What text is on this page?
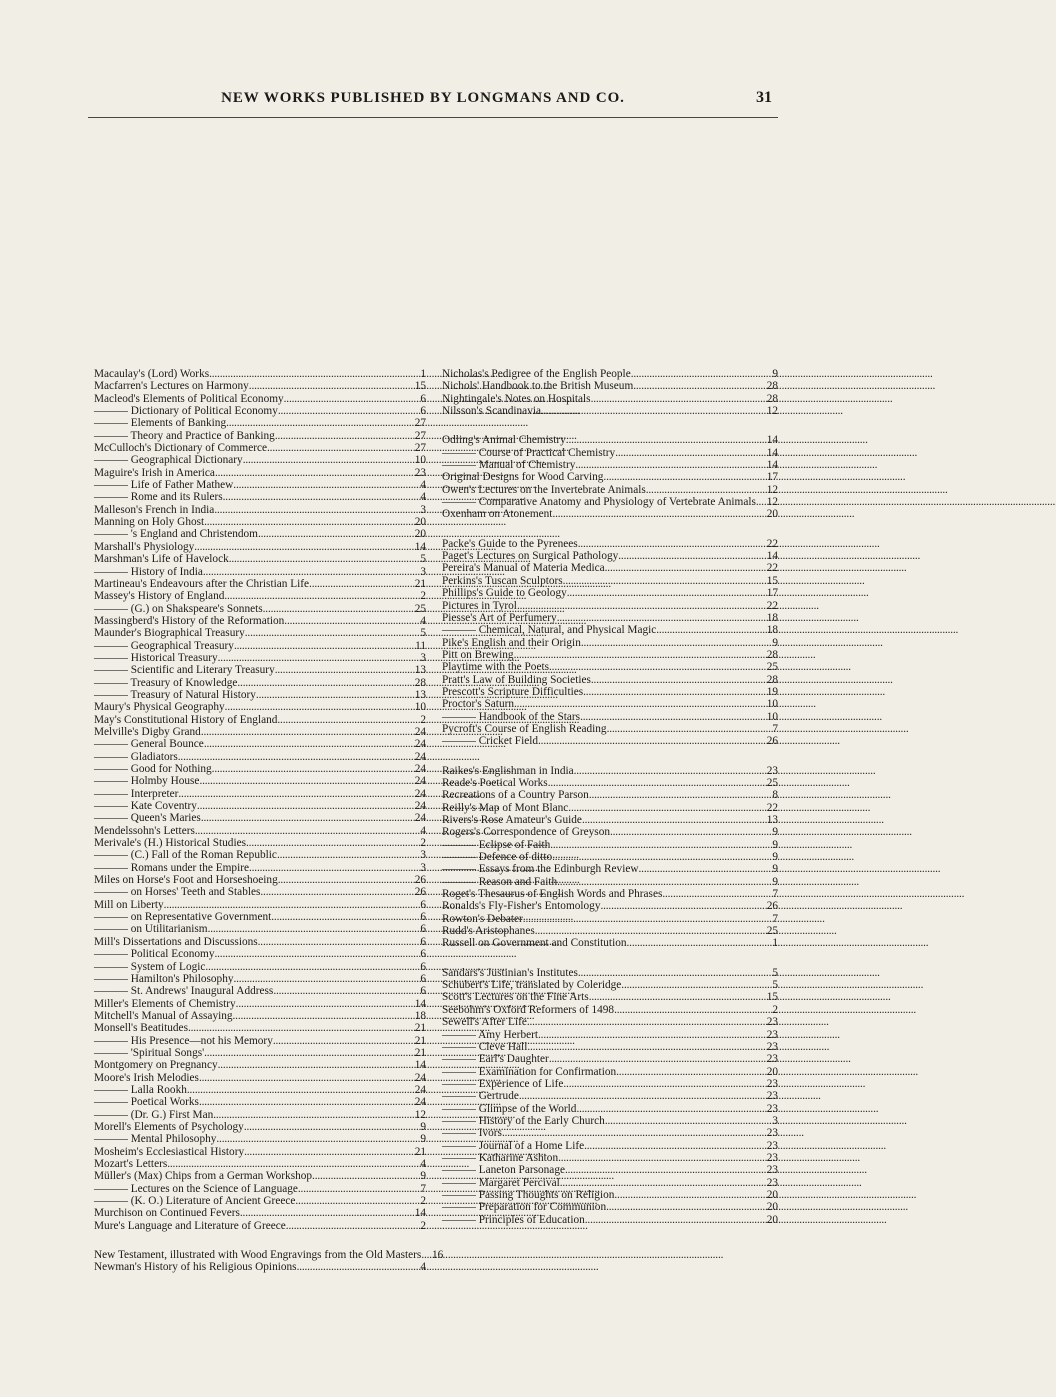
NEW WORKS PUBLISHED BY LONGMANS AND CO.	31
Macaulay's (Lord) Works . . .	1
Macfarren's Lectures on Harmony . . .	15
Macleod's Elements of Political Economy . . .	6
——— Dictionary of Political Economy . . .	6
——— Elements of Banking . . .	27
——— Theory and Practice of Banking . . .	27
McCulloch's Dictionary of Commerce . . .	27
——— Geographical Dictionary . . .	10
Maguire's Irish in America . . .	23
——— Life of Father Mathew . . .	4
——— Rome and its Rulers . . .	4
Malleson's French in India . . .	3
Manning on Holy Ghost . . .	20
——— 's England and Christendom . . .	20
Marshall's Physiology . . .	14
Marshman's Life of Havelock . . .	5
——— History of India . . .	3
Martineau's Endeavours after the Christian Life . . .	21
Massey's History of England . . .	2
——— (G.) on Shakspeare's Sonnets . . .	25
Massingberd's History of the Reformation . . .	4
Maunder's Biographical Treasury . . .	5
——— Geographical Treasury . . .	11
——— Historical Treasury . . .	3
——— Scientific and Literary Treasury . . .	13
——— Treasury of Knowledge . . .	28
——— Treasury of Natural History . . .	13
Maury's Physical Geography . . .	10
May's Constitutional History of England . . .	2
Melville's Digby Grand . . .	24
——— General Bounce . . .	24
——— Gladiators . . .	24
——— Good for Nothing . . .	24
——— Holmby House . . .	24
——— Interpreter . . .	24
——— Kate Coventry . . .	24
——— Queen's Maries . . .	24
Mendelssohn's Letters . . .	4
Merivale's (H.) Historical Studies . . .	2
——— (C.) Fall of the Roman Republic . . .	3
——— Romans under the Empire . . .	3
Miles on Horse's Foot and Horseshoeing . . .	26
——— on Horses' Teeth and Stables . . .	26
Mill on Liberty . . .	6
——— on Representative Government . . .	6
——— on Utilitarianism . . .	6
Mill's Dissertations and Discussions . . .	6
——— Political Economy . . .	6
——— System of Logic . . .	6
——— Hamilton's Philosophy . . .	6
——— St. Andrews' Inaugural Address . . .	6
Miller's Elements of Chemistry . . .	14
Mitchell's Manual of Assaying . . .	18
Monsell's Beatitudes . . .	21
——— His Presence—not his Memory . . .	21
——— 'Spiritual Songs' . . .	21
Montgomery on Pregnancy . . .	14
Moore's Irish Melodies . . .	24
——— Lalla Rookh . . .	24
——— Poetical Works . . .	24
——— (Dr. G.) First Man . . .	12
Morell's Elements of Psychology . . .	9
——— Mental Philosophy . . .	9
Mosheim's Ecclesiastical History . . .	21
Mozart's Letters . . .	4
Müller's (Max) Chips from a German Workshop . . .	9
——— Lectures on the Science of Language . . .	7
——— (K. O.) Literature of Ancient Greece . . .	2
Murchison on Continued Fevers . . .	14
Mure's Language and Literature of Greece . . .	2
New Testament, illustrated with Wood Engravings from the Old Masters . . . 16
Newman's History of his Religious Opinions . . .	4
Nicholas's Pedigree of the English People . . .	9
Nichols' Handbook to the British Museum . . .	28
Nightingale's Notes on Hospitals . . .	28
Nilsson's Scandinavia . . .	12
Odling's Animal Chemistry . . .	14
——— Course of Practical Chemistry . . .	14
——— Manual of Chemistry . . .	14
Original Designs for Wood Carving . . .	17
Owen's Lectures on the Invertebrate Animals . . .	12
——— Comparative Anatomy and Physiology of Vertebrate Animals . . . 12
Oxenham on Atonement . . .	20
Packe's Guide to the Pyrenees . . .	22
Paget's Lectures on Surgical Pathology . . .	14
Pereira's Manual of Materia Medica . . .	22
Perkins's Tuscan Sculptors . . .	15
Phillips's Guide to Geology . . .	17
Pictures in Tyrol . . .	22
Piesse's Art of Perfumery . . .	18
——— Chemical, Natural, and Physical Magic . . .	18
Pike's English and their Origin . . .	9
Pitt on Brewing . . .	28
Playtime with the Poets . . .	25
Pratt's Law of Building Societies . . .	28
Prescott's Scripture Difficulties . . .	19
Proctor's Saturn . . .	10
——— Handbook of the Stars . . .	10
Pycroft's Course of English Reading . . .	7
——— Cricket Field . . .	26
Raikes's Englishman in India . . .	23
Reade's Poetical Works . . .	25
Recreations of a Country Parson . . .	8
Reilly's Map of Mont Blanc . . .	22
Rivers's Rose Amateur's Guide . . .	13
Rogers's Correspondence of Greyson . . .	9
——— Eclipse of Faith . . .	9
——— Defence of ditto . . .	9
——— Essays from the Edinburgh Review . . .	9
——— Reason and Faith . . .	9
Roget's Thesaurus of English Words and Phrases . . .	7
Ronalds's Fly-Fisher's Entomology . . .	26
Rowton's Debater . . .	7
Rudd's Aristophanes . . .	25
Russell on Government and Constitution . . .	1
Sandars's Justinian's Institutes . . .	5
Schubert's Life, translated by Coleridge . . .	5
Scott's Lectures on the Fine Arts . . .	15
Seebohm's Oxford Reformers of 1498 . . .	2
Sewell's After Life . . .	23
——— Amy Herbert . . .	23
——— Cleve Hall . . .	23
——— Earl's Daughter . . .	23
——— Examination for Confirmation . . .	20
——— Experience of Life . . .	23
——— Gertrude . . .	23
——— Glimpse of the World . . .	23
——— History of the Early Church . . .	3
——— Ivors . . .	23
——— Journal of a Home Life . . .	23
——— Katharine Ashton . . .	23
——— Laneton Parsonage . . .	23
——— Margaret Percival . . .	23
——— Passing Thoughts on Religion . . .	20
——— Preparation for Communion . . .	20
——— Principles of Education . . .	20
